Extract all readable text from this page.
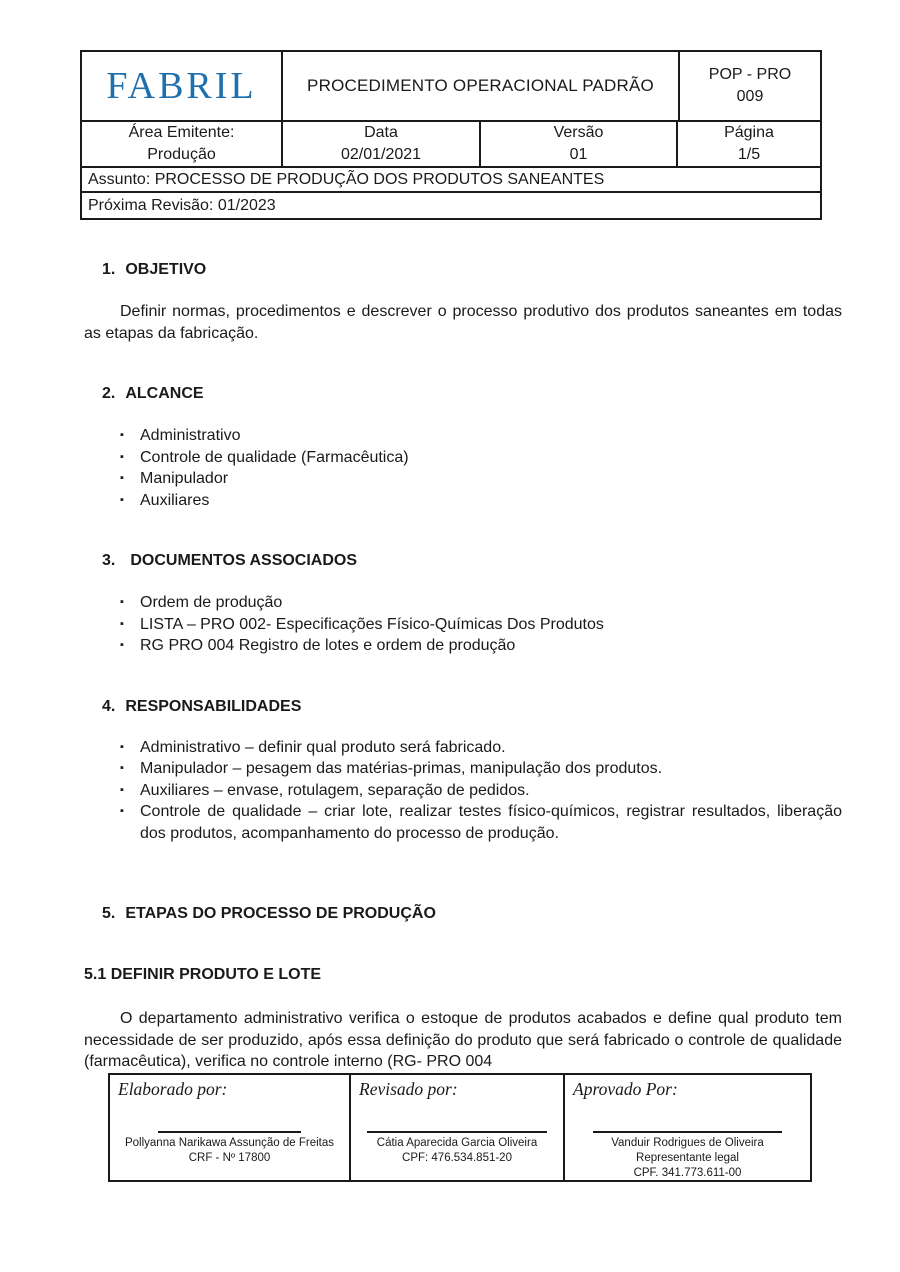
FABRIL	PROCEDIMENTO OPERACIONAL PADRÃO
POP - PRO
009
Área Emitente:
Produção
Data
02/01/2021
Versão
01
Página
1/5
Assunto: PROCESSO DE PRODUÇÃO DOS PRODUTOS SANEANTES
Próxima Revisão: 01/2023
1. OBJETIVO

Definir normas, procedimentos e descrever o processo produtivo dos produtos saneantes em todas as etapas da fabricação.

2. ALCANCE
▪ Administrativo
▪ Controle de qualidade (Farmacêutica)
▪ Manipulador
▪ Auxiliares
3. DOCUMENTOS ASSOCIADOS
▪ Ordem de produção
▪ LISTA – PRO 002- Especificações Físico-Químicas Dos Produtos
▪ RG PRO 004 Registro de lotes e ordem de produção
4. RESPONSABILIDADES
▪ Administrativo – definir qual produto será fabricado.
▪ Manipulador – pesagem das matérias-primas, manipulação dos produtos.
▪ Auxiliares – envase, rotulagem, separação de pedidos.
▪ Controle de qualidade – criar lote, realizar testes físico-químicos, registrar resultados, liberação dos produtos, acompanhamento do processo de produção.
5. ETAPAS DO PROCESSO DE PRODUÇÃO
5.1 DEFINIR PRODUTO E LOTE

O departamento administrativo verifica o estoque de produtos acabados e define qual produto tem necessidade de ser produzido, após essa definição do produto que será fabricado o controle de qualidade (farmacêutica), verifica no controle interno (RG- PRO 004

Elaborado por:
Pollyanna Narikawa Assunção de Freitas
CRF - Nº 17800
Revisado por:
Cátia Aparecida Garcia Oliveira
CPF: 476.534.851-20
Aprovado Por:
Vanduir Rodrigues de Oliveira
Representante legal
CPF. 341.773.611-00
